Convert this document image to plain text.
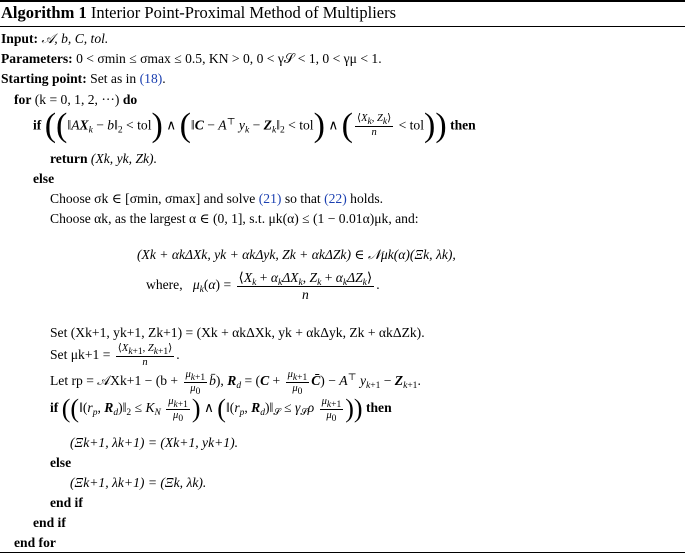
Algorithm 1 Interior Point-Proximal Method of Multipliers
Input: 𝒜, b, C, tol.
Parameters: 0 < σmin ≤ σmax ≤ 0.5, KN > 0, 0 < γ𝒮 < 1, 0 < γμ < 1.
Starting point: Set as in (18).
for (k = 0, 1, 2, ···) do
if (($‖AX_k$ − $b‖_2 < tol$) ∧ (‖C − A⊤ $y_k$ − $Z_k‖_2 < tol$) ∧ ( $\frac{⟨X_k, Z_k⟩}{n} < tol$)) then
return (Xk, yk, Zk).
else
Choose σk ∈ [σmin, σmax] and solve (21) so that (22) holds.
Choose αk, as the largest α ∈ (0, 1], s.t. μk(α) ≤ (1 − 0.01α)μk, and:
(Xk + αkΔXk, yk + αkΔyk, Zk + αkΔZk) ∈ 𝒩μk(α)(Ξk, λk),
where, $\mu_k(\alpha) = \frac{⟨X_k + \alpha_k\Delta X_k, Z_k + \alpha_k\Delta Z_k⟩}{n}$ .
Set (Xk+1, yk+1, Zk+1) = (Xk + αkΔXk, yk + αkΔyk, Zk + αkΔZk).
Set $\mu k+1 = \frac{⟨X_{k+1}, Z_{k+1}⟩}{n}$ .
Let rp = 𝒜Xk+1 − ($b + \frac{\mu_{k+1}}{\mu_0}$ b̄), $R_d = (C + \frac{\mu_{k+1}}{\mu_0}$ C̄) − A⊤ $y_{k+1} - Z_{k+1}$.
if (($‖(r_p$, $R_d)‖_2 \le K_N \frac{\mu_{k+1}}{\mu_0}$ ) ∧ ($‖(r_p$, $R_d)‖_𝒮 \le \gamma_𝒮\rho \frac{\mu_{k+1}}{\mu_0}$ )) then
(Ξk+1, λk+1) = (Xk+1, yk+1).
else
(Ξk+1, λk+1) = (Ξk, λk).
end if
end if
end for
